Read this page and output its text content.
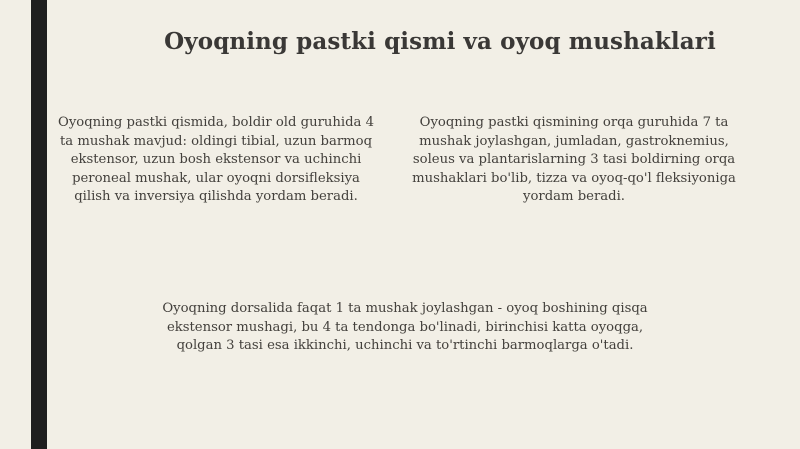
Oyoqning pastki qismi va oyoq mushaklari

Oyoqning pastki qismida, boldir old guruhida 4 ta mushak mavjud: oldingi tibial, uzun barmoq ekstensor, uzun bosh ekstensor va uchinchi peroneal mushak, ular oyoqni dorsifleksiya qilish va inversiya qilishda yordam beradi.

Oyoqning pastki qismining orqa guruhida 7 ta mushak joylashgan, jumladan, gastroknemius, soleus va plantarislarning 3 tasi boldirning orqa mushaklari bo'lib, tizza va oyoq-qo'l fleksiyoniga yordam beradi.

Oyoqning dorsalida faqat 1 ta mushak joylashgan - oyoq boshining qisqa ekstensor mushagi, bu 4 ta tendonga bo'linadi, birinchisi katta oyoqga, qolgan 3 tasi esa ikkinchi, uchinchi va to'rtinchi barmoqlarga o'tadi.
